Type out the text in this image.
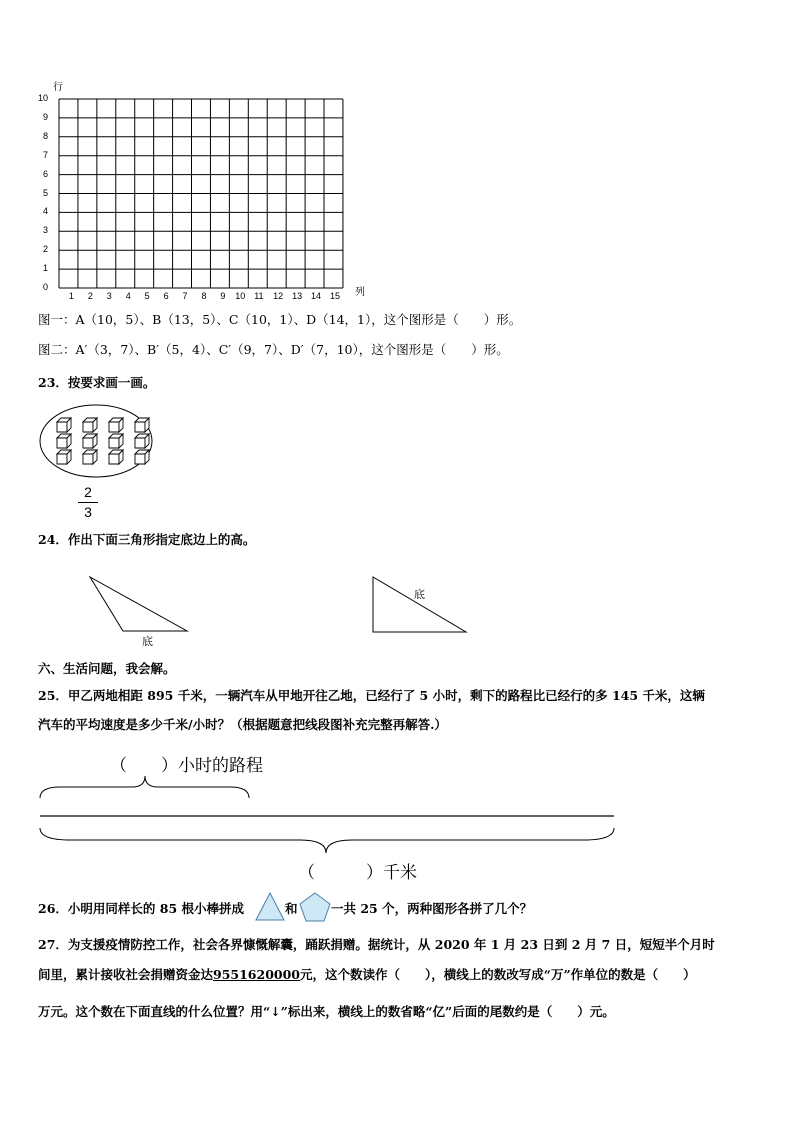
行
列
0
1
2
3
4
5
6
7
8
9
10
1 2 3 4 5 6 7 8 9 10 11 12 13 14 15
图一：A（10，5）、B（13，5）、C（10，1）、D（14，1），这个图形是（　　）形。
图二：A′（3，7）、B′（5，4）、C′（9，7）、D′（7，10），这个图形是（　　）形。
23．按要求画一画。
2
3
24．作出下面三角形指定底边上的高。
底
底
六、生活问题，我会解。
25．甲乙两地相距 895 千米，一辆汽车从甲地开往乙地，已经行了 5 小时，剩下的路程比已经行的多 145 千米，这辆
汽车的平均速度是多少千米/小时？（根据题意把线段图补充完整再解答.）
（　　）小时的路程
（　　　）千米
26．小明用同样长的 85 根小棒拼成	和	一共 25 个，两种图形各拼了几个？
27．为支援疫情防控工作，社会各界慷慨解囊，踊跃捐赠。据统计，从 2020 年 1 月 23 日到 2 月 7 日，短短半个月时
间里，累计接收社会捐赠资金达9551620000元，这个数读作（　　），横线上的数改写成“万”作单位的数是（　　）
万元。这个数在下面直线的什么位置？用“↓”标出来，横线上的数省略“亿”后面的尾数约是（　　）元。
